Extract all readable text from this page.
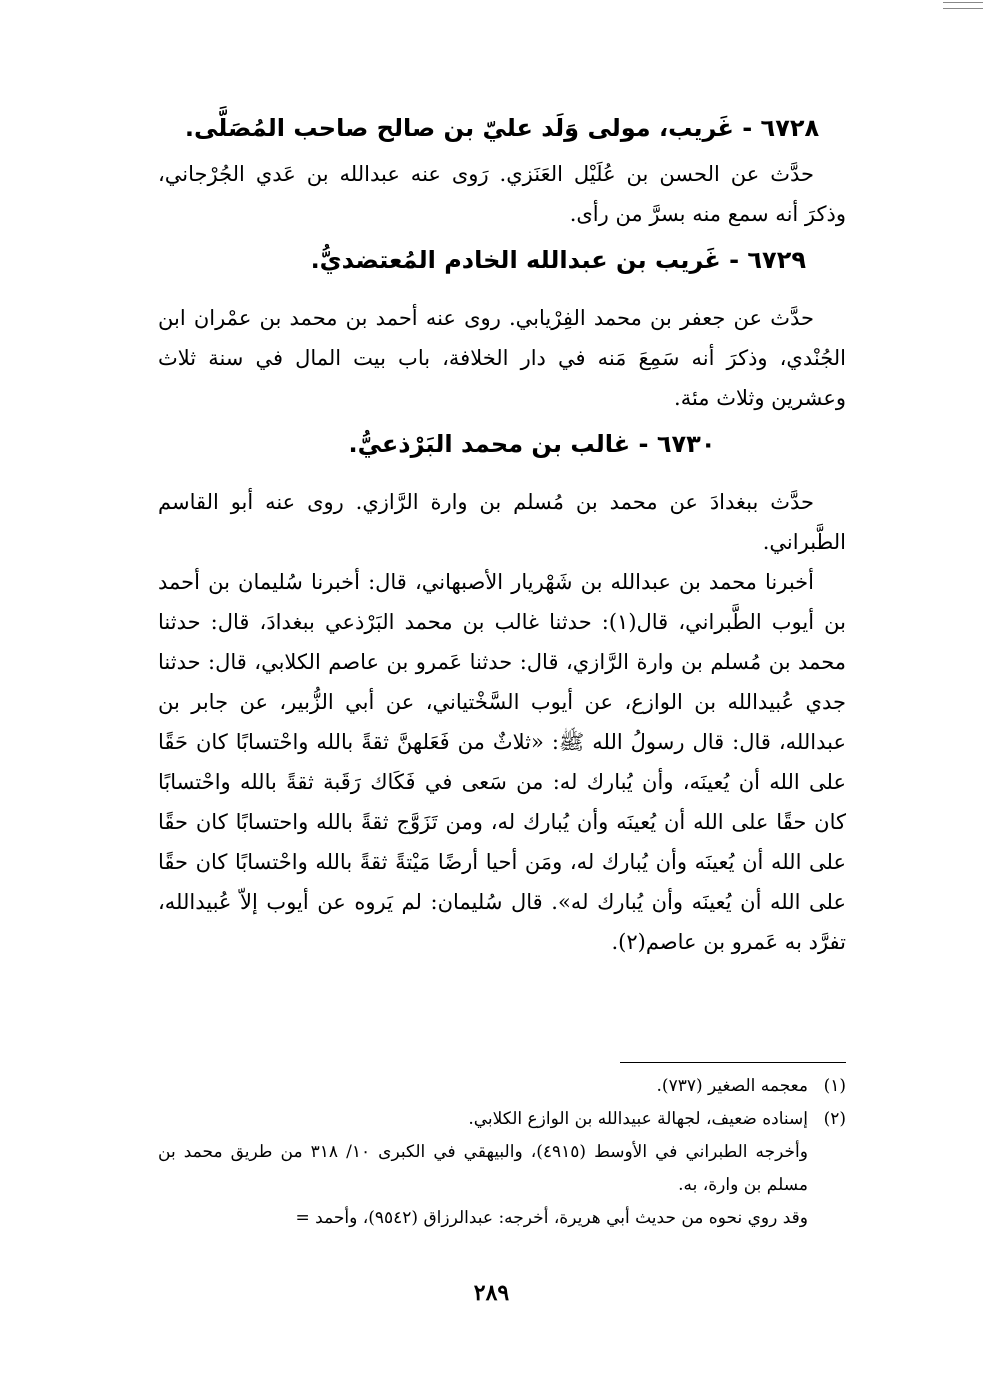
٦٧٢٨ - غَريب، مولى وَلَد عليّ بن صالح صاحب المُصَلَّى.

حدَّث عن الحسن بن عُلَيْل العَنَزي. رَوى عنه عبدالله بن عَدي الجُرْجاني، وذكرَ أنه سمع منه بسرَّ من رأى.

٦٧٢٩ - غَريب بن عبدالله الخادم المُعتضديُّ.

حدَّث عن جعفر بن محمد الفِرْيابي. روى عنه أحمد بن محمد بن عمْران ابن الجُنْدي، وذكرَ أنه سَمِعَ مَنه في دار الخلافة، باب بيت المال في سنة ثلاث وعشرين وثلاث مئة.

٦٧٣٠ - غالب بن محمد البَرْذعيُّ.

حدَّث ببغدادَ عن محمد بن مُسلم بن وارة الرَّازي. روى عنه أبو القاسم الطَّبراني.

أخبرنا محمد بن عبدالله بن شَهْريار الأصبهاني، قال: أخبرنا سُليمان بن أحمد بن أيوب الطَّبراني، قال(١): حدثنا غالب بن محمد البَرْذعي ببغدادَ، قال: حدثنا محمد بن مُسلم بن وارة الرَّازي، قال: حدثنا عَمرو بن عاصم الكلابي، قال: حدثنا جدي عُبيدالله بن الوازع، عن أيوب السَّخْتياني، عن أبي الزُّبير، عن جابر بن عبدالله، قال: قال رسولُ الله ﷺ: «ثلاثٌ من فَعَلهنَّ ثقةً بالله واحْتسابًا كان حَقًا على الله أن يُعينَه، وأن يُبارك له: من سَعى في فَكَاك رَقَبة ثقةً بالله واحْتسابًا كان حقًا على الله أن يُعينَه وأن يُبارك له، ومن تَزَوَّج ثقةً بالله واحتسابًا كان حقًا على الله أن يُعينَه وأن يُبارك له، ومَن أحيا أرضًا مَيْتةً ثقةً بالله واحْتسابًا كان حقًا على الله أن يُعينَه وأن يُبارك له». قال سُليمان: لم يَروه عن أيوب إلاّ عُبيدالله، تفرَّد به عَمرو بن عاصم(٢).

(١)معجمه الصغير (٧٣٧).

(٢)إسناده ضعيف، لجهالة عبيدالله بن الوازع الكلابي.

وأخرجه الطبراني في الأوسط (٤٩١٥)، والبيهقي في الكبرى ١٠/ ٣١٨ من طريق محمد بن مسلم بن وارة، به.

وقد روي نحوه من حديث أبي هريرة، أخرجه: عبدالرزاق (٩٥٤٢)، وأحمد =

٢٨٩
